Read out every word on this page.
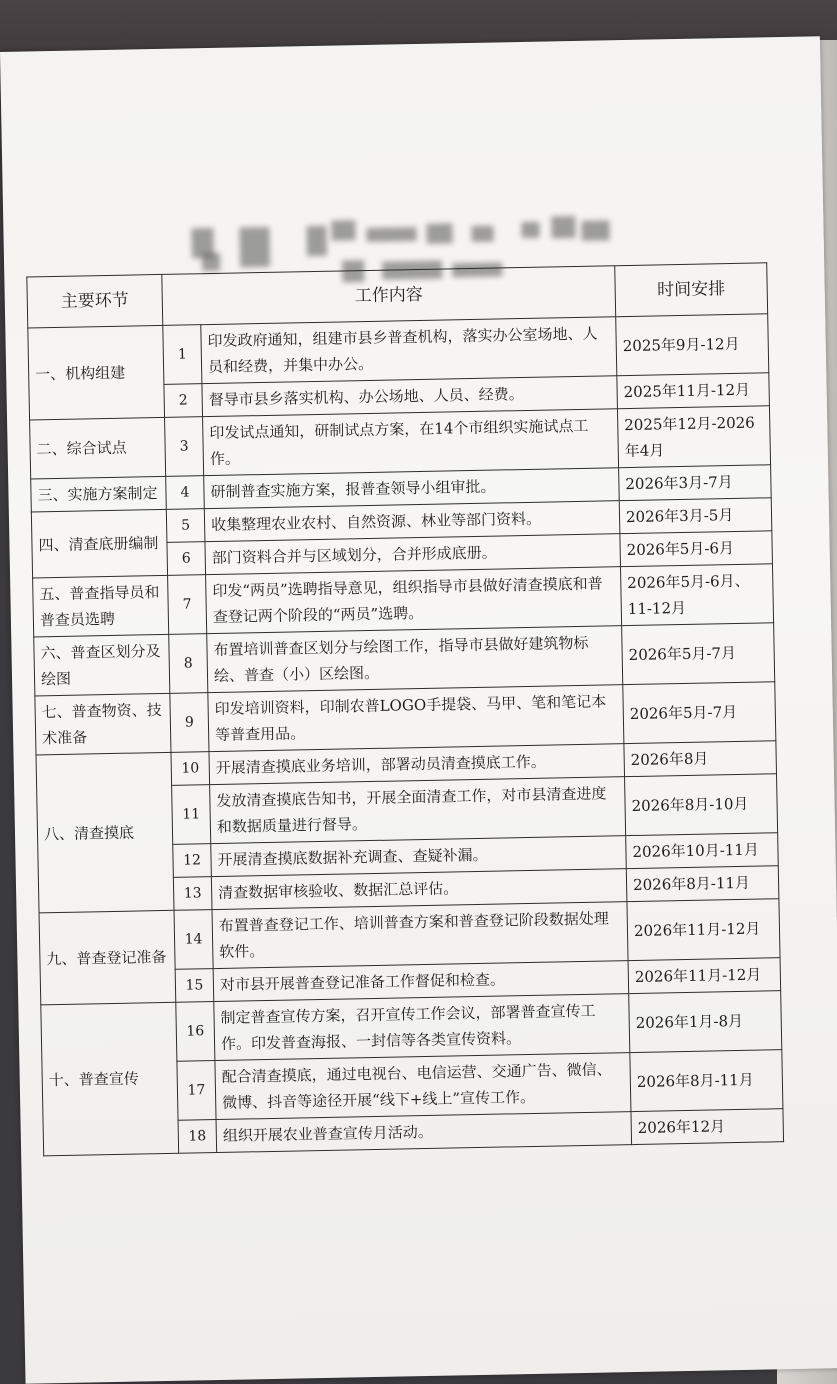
主要环节	工作内容		时间安排
一、机构组建	1	印发政府通知，组建市县乡普查机构，落实办公室场地、人员和经费，并集中办公。	2025年9月-12月
	2	督导市县乡落实机构、办公场地、人员、经费。	2025年11月-12月
二、综合试点	3	印发试点通知，研制试点方案，在14个市组织实施试点工作。	2025年12月-2026年4月
三、实施方案制定	4	研制普查实施方案，报普查领导小组审批。	2026年3月-7月
四、清查底册编制	5	收集整理农业农村、自然资源、林业等部门资料。	2026年3月-5月
	6	部门资料合并与区域划分，合并形成底册。	2026年5月-6月
五、普查指导员和普查员选聘	7	印发“两员”选聘指导意见，组织指导市县做好清查摸底和普查登记两个阶段的“两员”选聘。	2026年5月-6月、11-12月
六、普查区划分及绘图	8	布置培训普查区划分与绘图工作，指导市县做好建筑物标绘、普查（小）区绘图。	2026年5月-7月
七、普查物资、技术准备	9	印发培训资料，印制农普LOGO手提袋、马甲、笔和笔记本等普查用品。	2026年5月-7月
八、清查摸底	10	开展清查摸底业务培训，部署动员清查摸底工作。	2026年8月
	11	发放清查摸底告知书，开展全面清查工作，对市县清查进度和数据质量进行督导。	2026年8月-10月
	12	开展清查摸底数据补充调查、查疑补漏。	2026年10月-11月
	13	清查数据审核验收、数据汇总评估。	2026年8月-11月
九、普查登记准备	14	布置普查登记工作、培训普查方案和普查登记阶段数据处理软件。	2026年11月-12月
	15	对市县开展普查登记准备工作督促和检查。	2026年11月-12月
十、普查宣传	16	制定普查宣传方案，召开宣传工作会议，部署普查宣传工作。印发普查海报、一封信等各类宣传资料。	2026年1月-8月
	17	配合清查摸底，通过电视台、电信运营、交通广告、微信、微博、抖音等途径开展“线下+线上”宣传工作。	2026年8月-11月
	18	组织开展农业普查宣传月活动。	2026年12月
